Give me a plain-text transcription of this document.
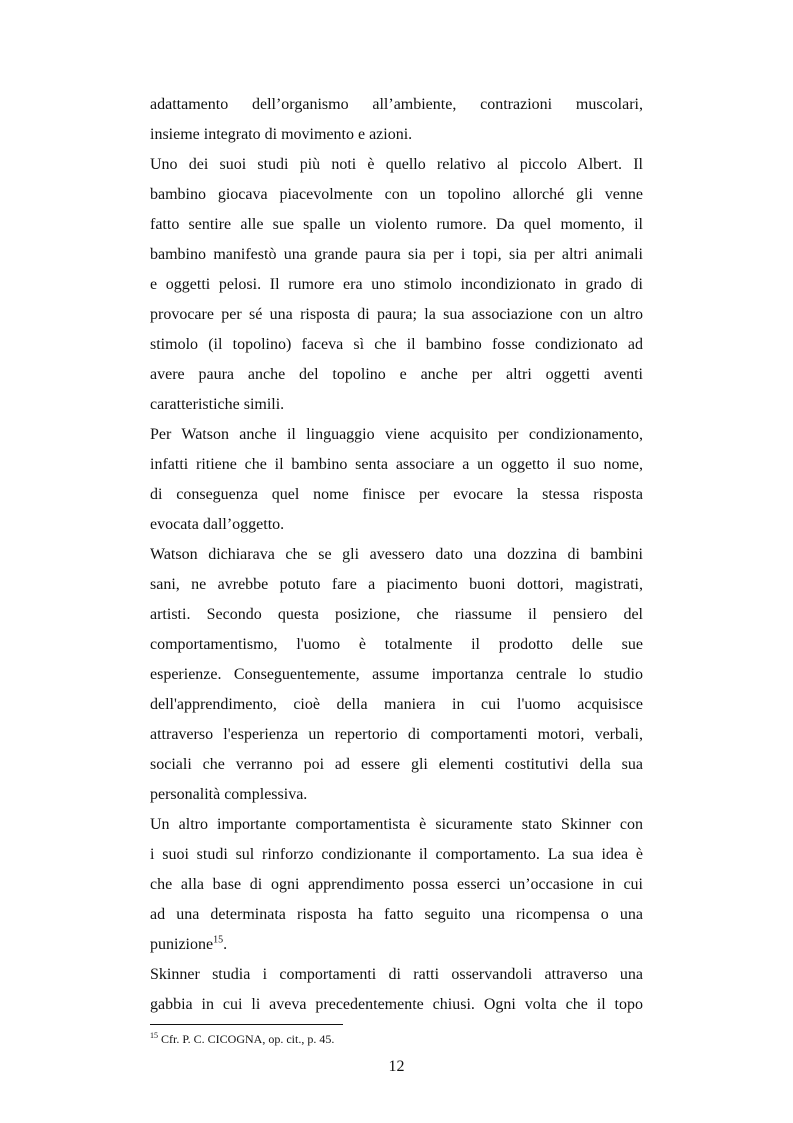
adattamento dell’organismo all’ambiente, contrazioni muscolari,
insieme integrato di movimento e azioni.
Uno dei suoi studi più noti è quello relativo al piccolo Albert. Il
bambino giocava piacevolmente con un topolino allorché gli venne
fatto sentire alle sue spalle un violento rumore. Da quel momento, il
bambino manifestò una grande paura sia per i topi, sia per altri animali
e oggetti pelosi. Il rumore era uno stimolo incondizionato in grado di
provocare per sé una risposta di paura; la sua associazione con un altro
stimolo (il topolino) faceva sì che il bambino fosse condizionato ad
avere paura anche del topolino e anche per altri oggetti aventi
caratteristiche simili.
Per Watson anche il linguaggio viene acquisito per condizionamento,
infatti ritiene che il bambino senta associare a un oggetto il suo nome,
di conseguenza quel nome finisce per evocare la stessa risposta
evocata dall’oggetto.
Watson dichiarava che se gli avessero dato una dozzina di bambini
sani, ne avrebbe potuto fare a piacimento buoni dottori, magistrati,
artisti. Secondo questa posizione, che riassume il pensiero del
comportamentismo, l'uomo è totalmente il prodotto delle sue
esperienze. Conseguentemente, assume importanza centrale lo studio
dell'apprendimento, cioè della maniera in cui l'uomo acquisisce
attraverso l'esperienza un repertorio di comportamenti motori, verbali,
sociali che verranno poi ad essere gli elementi costitutivi della sua
personalità complessiva.
Un altro importante comportamentista è sicuramente stato Skinner con
i suoi studi sul rinforzo condizionante il comportamento. La sua idea è
che alla base di ogni apprendimento possa esserci un’occasione in cui
ad una determinata risposta ha fatto seguito una ricompensa o una
punizione$^{15}$.
Skinner studia i comportamenti di ratti osservandoli attraverso una
gabbia in cui li aveva precedentemente chiusi. Ogni volta che il topo
$^{15}$ Cfr. P. C. CICOGNA, op. cit., p. 45.
12
